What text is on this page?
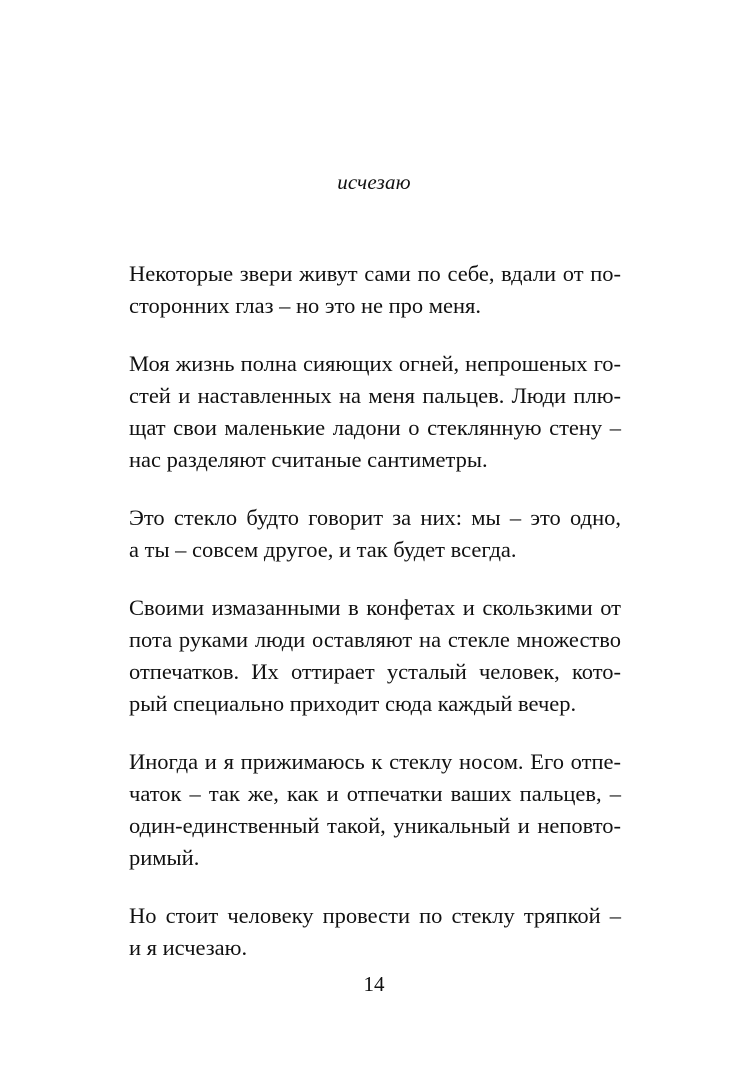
исчезаю

Некоторые звери живут сами по себе, вдали от по-
сторонних глаз – но это не про меня.

Моя жизнь полна сияющих огней, непрошеных го-
стей и наставленных на меня пальцев. Люди плю-
щат свои маленькие ладони о стеклянную стену –
нас разделяют считаные сантиметры.

Это стекло будто говорит за них: мы – это одно,
а ты – совсем другое, и так будет всегда.

Своими измазанными в конфетах и скользкими от
пота руками люди оставляют на стекле множество
отпечатков. Их оттирает усталый человек, кото-
рый специально приходит сюда каждый вечер.

Иногда и я прижимаюсь к стеклу носом. Его отпе-
чаток – так же, как и отпечатки ваших пальцев, –
один-единственный такой, уникальный и неповто-
римый.

Но стоит человеку провести по стеклу тряпкой –
и я исчезаю.

14
